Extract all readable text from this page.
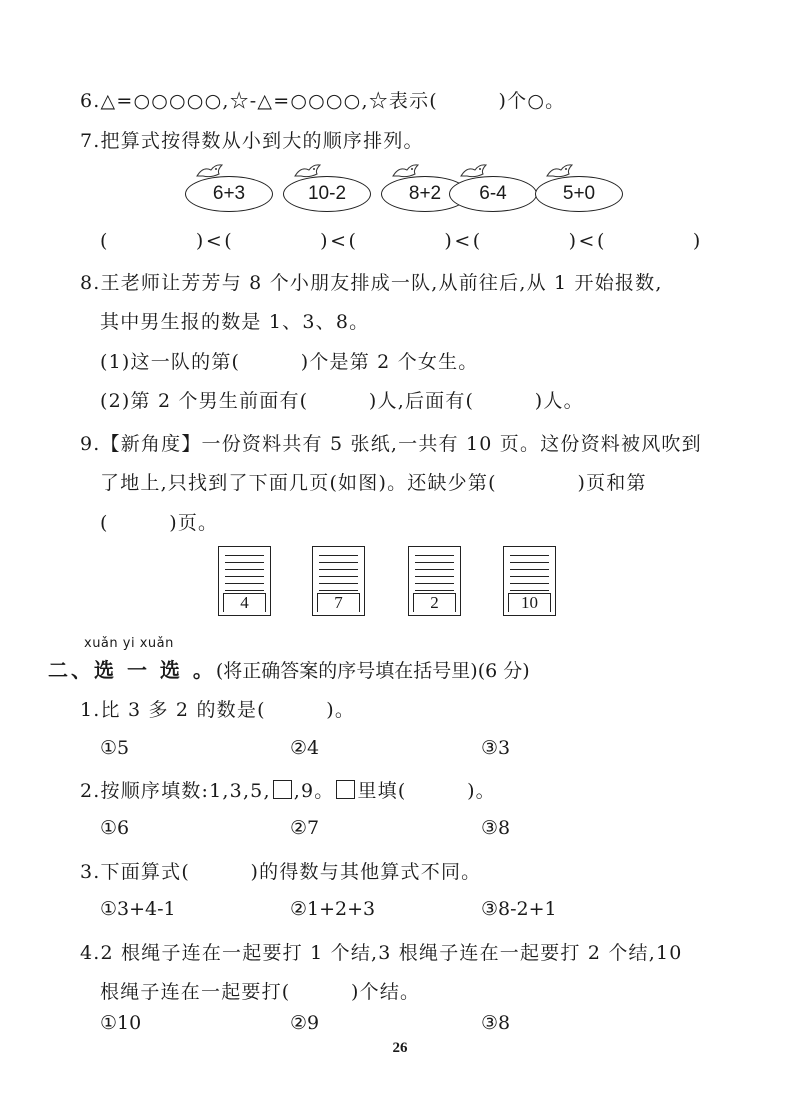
6.△=○○○○○,☆-△=○○○○,☆表示(　　　)个○。
7.把算式按得数从小到大的顺序排列。
6+3	10-2	8+2	6-4	5+0
(　　　　)<(　　　　)<(　　　　)<(　　　　)<(　　　　)
8.王老师让芳芳与 8 个小朋友排成一队,从前往后,从 1 开始报数,
其中男生报的数是 1、3、8。
(1)这一队的第(　　　)个是第 2 个女生。
(2)第 2 个男生前面有(　　　)人,后面有(　　　)人。
9.【新角度】一份资料共有 5 张纸,一共有 10 页。这份资料被风吹到
了地上,只找到了下面几页(如图)。还缺少第(　　　　)页和第
(　　　)页。
4	7	2	10
xuǎn yi xuǎn
二、选 一 选 。(将正确答案的序号填在括号里)(6 分)
1.比 3 多 2 的数是(　　　)。
①5	②4	③3
2.按顺序填数:1,3,5, ,9。 里填(　　　)。
①6	②7	③8
3.下面算式(　　　)的得数与其他算式不同。
①3+4-1	②1+2+3	③8-2+1
4.2 根绳子连在一起要打 1 个结,3 根绳子连在一起要打 2 个结,10
根绳子连在一起要打(　　　)个结。
①10	②9	③8
26
